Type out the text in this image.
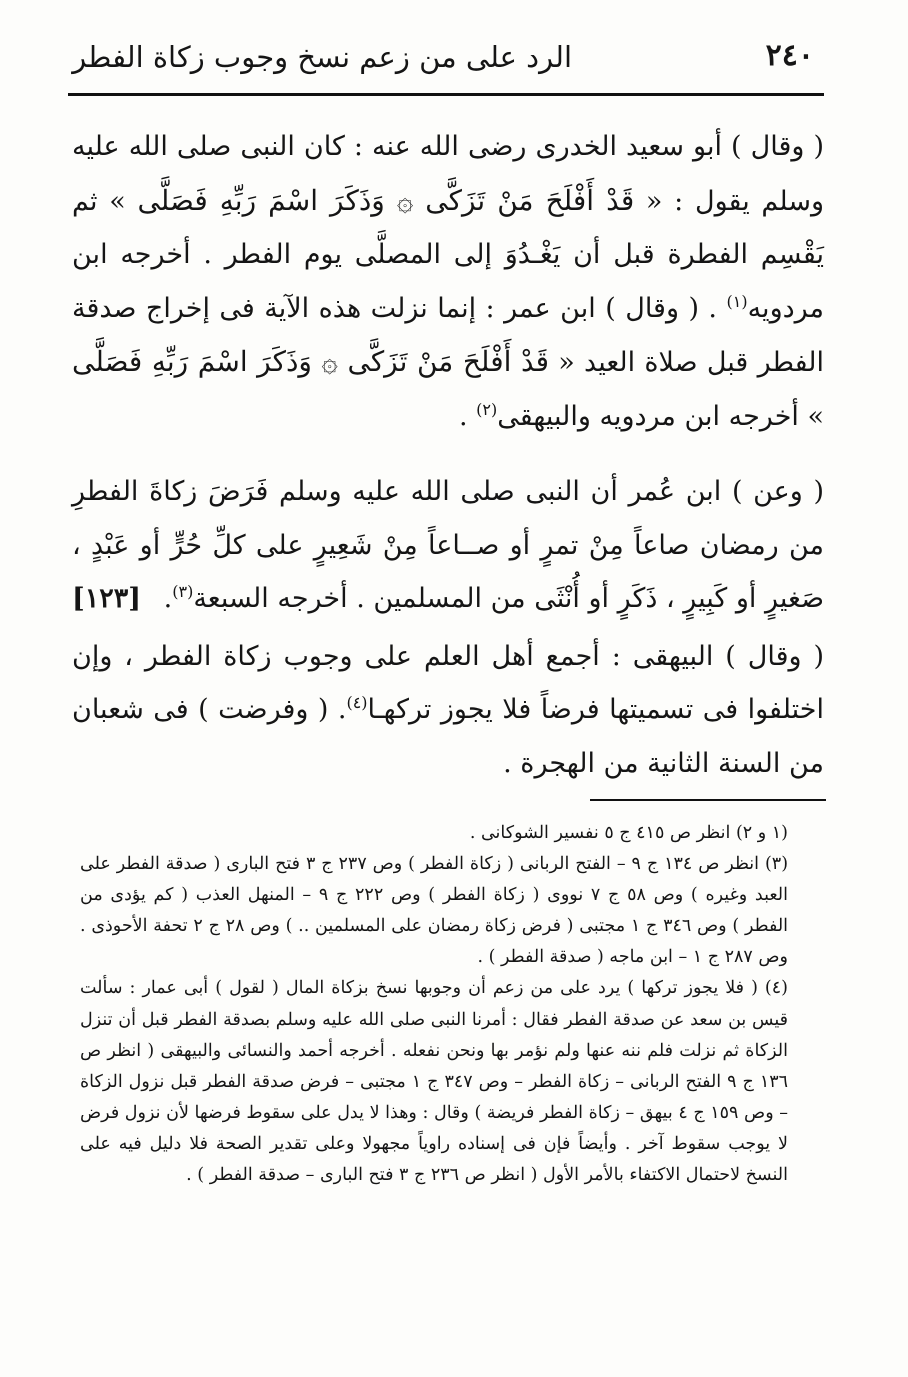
٢٤٠
الرد على من زعم نسخ وجوب زكاة الفطر

( وقال ) أبو سعيد الخدرى رضى الله عنه : كان النبى صلى الله عليه وسلم يقول : « قَدْ أَفْلَحَ مَنْ تَزَكَّى ۞ وَذَكَرَ اسْمَ رَبِّهِ فَصَلَّى » ثم يَقْسِم الفطرة قبل أن يَغْـدُوَ إلى المصلَّى يوم الفطر . أخرجه ابن مردويه$^{(١)}$ . ( وقال ) ابن عمر : إنما نزلت هذه الآية فى إخراج صدقة الفطر قبل صلاة العيد « قَدْ أَفْلَحَ مَنْ تَزَكَّى ۞ وَذَكَرَ اسْمَ رَبِّهِ فَصَلَّى » أخرجه ابن مردويه والبيهقى$^{(٢)}$ .

( وعن ) ابن عُمر أن النبى صلى الله عليه وسلم فَرَضَ زكاةَ الفطرِ من رمضان صاعاً مِنْ تمرٍ أو صــاعاً مِنْ شَعِيرٍ على كلِّ حُرٍّ أو عَبْدٍ ، صَغيرٍ أو كَبِيرٍ ، ذَكَرٍ أو أُنْثَى من المسلمين . أخرجه السبعة$^{(٣)}$.
[١٢٣]

( وقال ) البيهقى : أجمع أهل العلم على وجوب زكاة الفطر ، وإن اختلفوا فى تسميتها فرضاً فلا يجوز تركهـا$^{(٤)}$. ( وفرضت ) فى شعبان من السنة الثانية من الهجرة .

(١ و ٢) انظر ص ٤١٥ ج ٥ نفسير الشوكانى .

(٣) انظر ص ١٣٤ ج ٩ – الفتح الربانى ( زكاة الفطر ) وص ٢٣٧ ج ٣ فتح البارى ( صدقة الفطر على العبد وغيره ) وص ٥٨ ج ٧ نووى ( زكاة الفطر ) وص ٢٢٢ ج ٩ – المنهل العذب ( كم يؤدى من الفطر ) وص ٣٤٦ ج ١ مجتبى ( فرض زكاة رمضان على المسلمين .. ) وص ٢٨ ج ٢ تحفة الأحوذى . وص ٢٨٧ ج ١ – ابن ماجه ( صدقة الفطر ) .

(٤) ( فلا يجوز تركها ) يرد على من زعم أن وجوبها نسخ بزكاة المال ( لقول ) أبى عمار : سألت قيس بن سعد عن صدقة الفطر فقال : أمرنا النبى صلى الله عليه وسلم بصدقة الفطر قبل أن تنزل الزكاة ثم نزلت فلم ننه عنها ولم نؤمر بها ونحن نفعله . أخرجه أحمد والنسائى والبيهقى ( انظر ص ١٣٦ ج ٩ الفتح الربانى – زكاة الفطر – وص ٣٤٧ ج ١ مجتبى – فرض صدقة الفطر قبل نزول الزكاة – وص ١٥٩ ج ٤ بيهق – زكاة الفطر فريضة ) وقال : وهذا لا يدل على سقوط فرضها لأن نزول فرض لا يوجب سقوط آخر . وأيضاً فإن فى إسناده راوياً مجهولا وعلى تقدير الصحة فلا دليل فيه على النسخ لاحتمال الاكتفاء بالأمر الأول ( انظر ص ٢٣٦ ج ٣ فتح البارى – صدقة الفطر ) .
